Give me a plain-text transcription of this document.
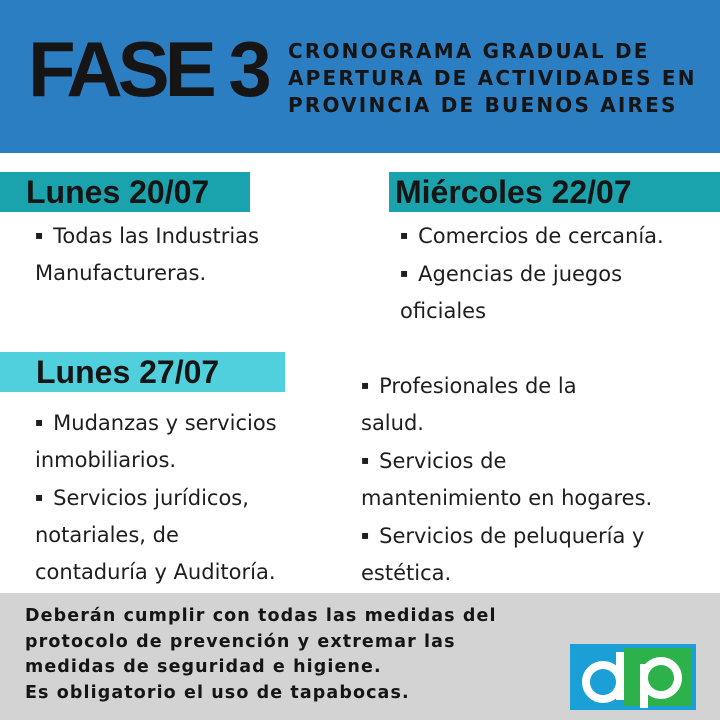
FASE 3 CRONOGRAMA GRADUAL DE
APERTURA DE ACTIVIDADES EN
PROVINCIA DE BUENOS AIRES
Lunes 20/07	Miércoles 22/07
Lunes 27/07
▪ Todas las Industrias
Manufactureras.
▪ Comercios de cercanía.
▪ Agencias de juegos
oficiales
▪ Mudanzas y servicios
inmobiliarios.
▪ Servicios jurídicos,
notariales, de
contaduría y Auditoría.
▪ Profesionales de la
salud.
▪ Servicios de
mantenimiento en hogares.
▪ Servicios de peluquería y
estética.
Deberán cumplir con todas las medidas del
protocolo de prevención y extremar las
medidas de seguridad e higiene.
Es obligatorio el uso de tapabocas.
